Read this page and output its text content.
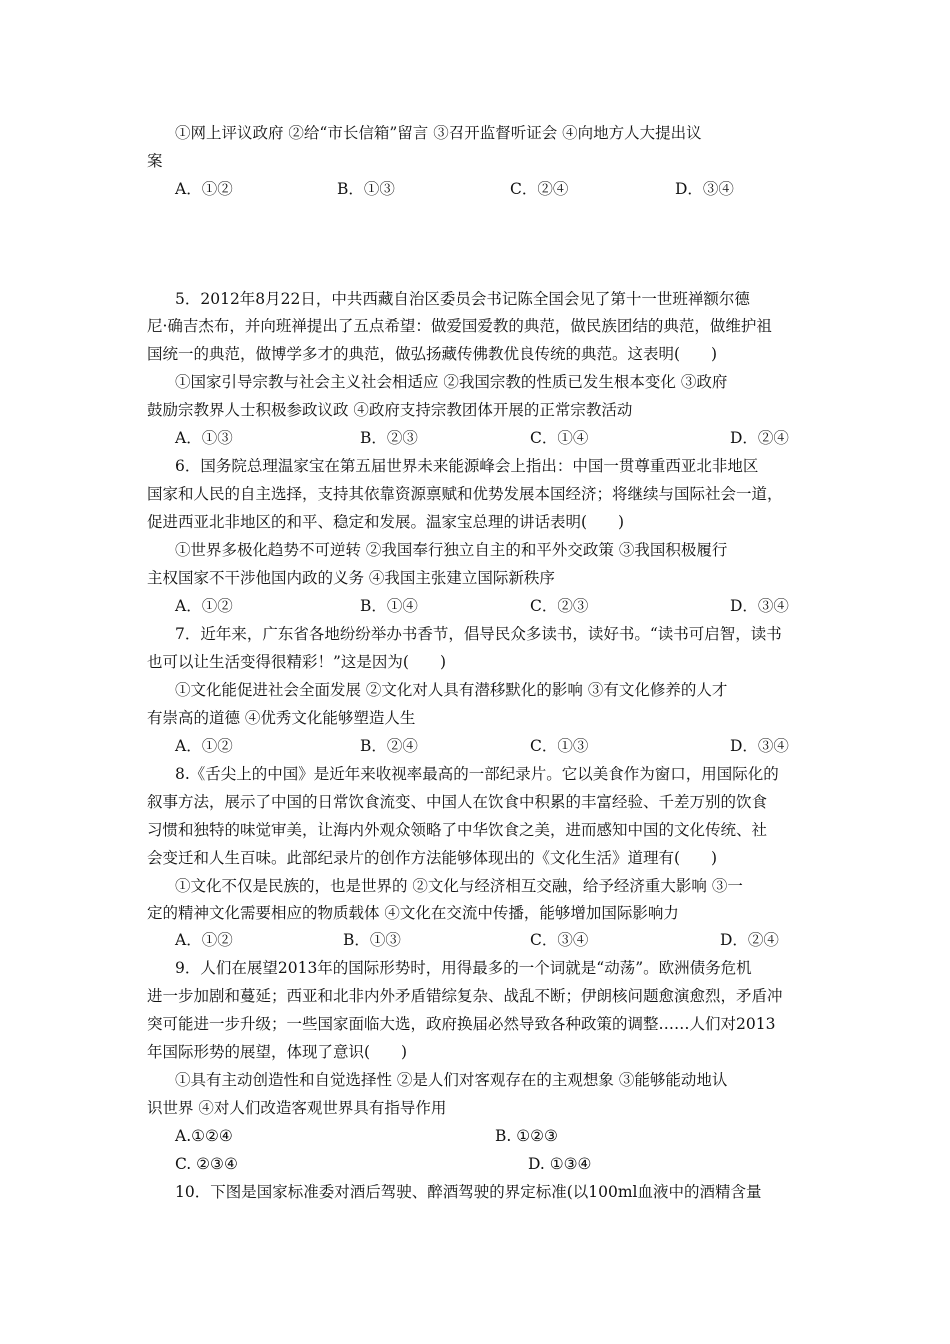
①网上评议政府 ②给“市长信箱”留言 ③召开监督听证会 ④向地方人大提出议
案
A．①②	B．①③	C．②④	D．③④
5．2012年8月22日，中共西藏自治区委员会书记陈全国会见了第十一世班禅额尔德
尼·确吉杰布，并向班禅提出了五点希望：做爱国爱教的典范，做民族团结的典范，做维护祖
国统一的典范，做博学多才的典范，做弘扬藏传佛教优良传统的典范。这表明(　　)
①国家引导宗教与社会主义社会相适应 ②我国宗教的性质已发生根本变化 ③政府
鼓励宗教界人士积极参政议政 ④政府支持宗教团体开展的正常宗教活动
A．①③	B．②③	C．①④	D．②④
6．国务院总理温家宝在第五届世界未来能源峰会上指出：中国一贯尊重西亚北非地区
国家和人民的自主选择，支持其依靠资源禀赋和优势发展本国经济；将继续与国际社会一道，
促进西亚北非地区的和平、稳定和发展。温家宝总理的讲话表明(　　)
①世界多极化趋势不可逆转 ②我国奉行独立自主的和平外交政策 ③我国积极履行
主权国家不干涉他国内政的义务 ④我国主张建立国际新秩序
A．①②	B．①④	C．②③	D．③④
7．近年来，广东省各地纷纷举办书香节，倡导民众多读书，读好书。“读书可启智，读书
也可以让生活变得很精彩！”这是因为(　　)
①文化能促进社会全面发展 ②文化对人具有潜移默化的影响 ③有文化修养的人才
有崇高的道德 ④优秀文化能够塑造人生
A．①②	B．②④	C．①③	D．③④
8.《舌尖上的中国》是近年来收视率最高的一部纪录片。它以美食作为窗口，用国际化的
叙事方法，展示了中国的日常饮食流变、中国人在饮食中积累的丰富经验、千差万别的饮食
习惯和独特的味觉审美，让海内外观众领略了中华饮食之美，进而感知中国的文化传统、社
会变迁和人生百味。此部纪录片的创作方法能够体现出的《文化生活》道理有(　　)
①文化不仅是民族的，也是世界的 ②文化与经济相互交融，给予经济重大影响 ③一
定的精神文化需要相应的物质载体 ④文化在交流中传播，能够增加国际影响力
A．①②	B．①③	C．③④	D．②④
9．人们在展望2013年的国际形势时，用得最多的一个词就是“动荡”。欧洲债务危机
进一步加剧和蔓延；西亚和北非内外矛盾错综复杂、战乱不断；伊朗核问题愈演愈烈，矛盾冲
突可能进一步升级；一些国家面临大选，政府换届必然导致各种政策的调整……人们对2013
年国际形势的展望，体现了意识(　　)
①具有主动创造性和自觉选择性 ②是人们对客观存在的主观想象 ③能够能动地认
识世界 ④对人们改造客观世界具有指导作用
A.①②④	B. ①②③
C. ②③④	D. ①③④
10．下图是国家标准委对酒后驾驶、醉酒驾驶的界定标准(以100ml血液中的酒精含量
